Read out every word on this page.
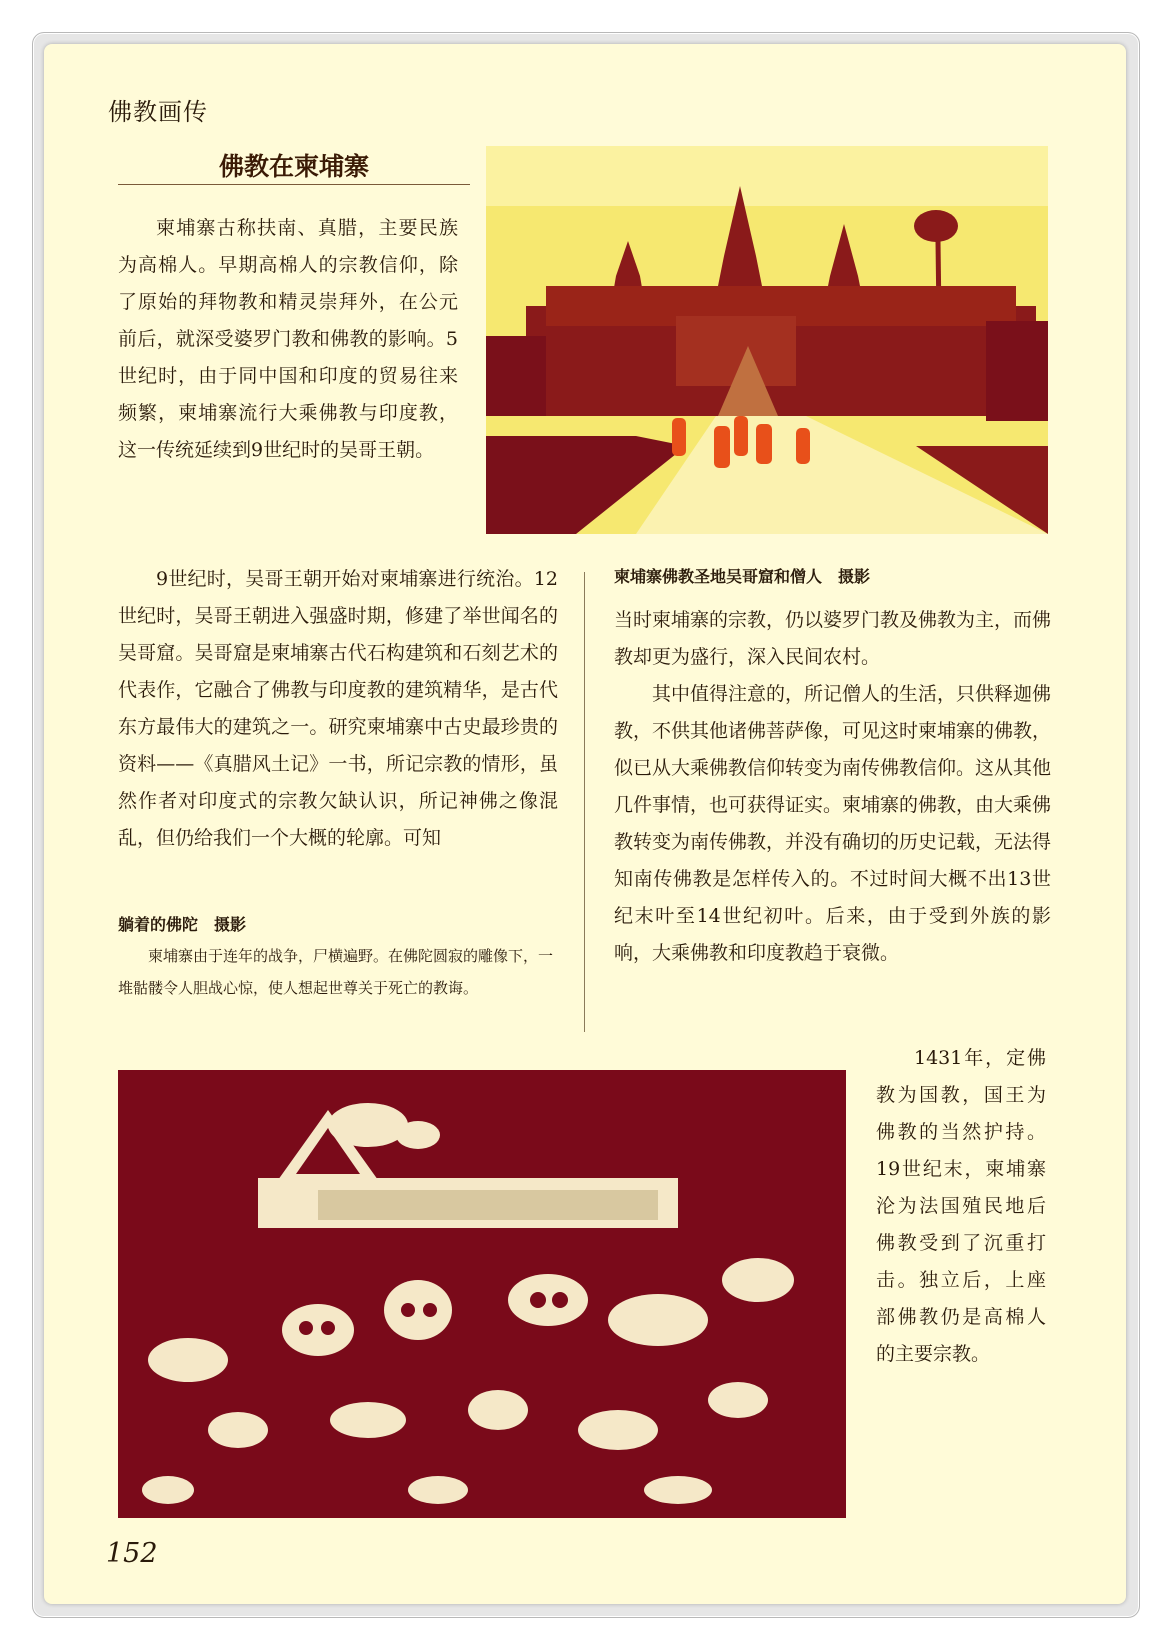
佛教画传
佛教在柬埔寨

柬埔寨古称扶南、真腊，主要民族为高棉人。早期高棉人的宗教信仰，除了原始的拜物教和精灵崇拜外，在公元前后，就深受婆罗门教和佛教的影响。5世纪时，由于同中国和印度的贸易往来频繁，柬埔寨流行大乘佛教与印度教，这一传统延续到9世纪时的吴哥王朝。

柬埔寨佛教圣地吴哥窟和僧人　摄影

9世纪时，吴哥王朝开始对柬埔寨进行统治。12世纪时，吴哥王朝进入强盛时期，修建了举世闻名的吴哥窟。吴哥窟是柬埔寨古代石构建筑和石刻艺术的代表作，它融合了佛教与印度教的建筑精华，是古代东方最伟大的建筑之一。研究柬埔寨中古史最珍贵的资料——《真腊风土记》一书，所记宗教的情形，虽然作者对印度式的宗教欠缺认识，所记神佛之像混乱，但仍给我们一个大概的轮廓。可知

当时柬埔寨的宗教，仍以婆罗门教及佛教为主，而佛教却更为盛行，深入民间农村。

其中值得注意的，所记僧人的生活，只供释迦佛教，不供其他诸佛菩萨像，可见这时柬埔寨的佛教，似已从大乘佛教信仰转变为南传佛教信仰。这从其他几件事情，也可获得证实。柬埔寨的佛教，由大乘佛教转变为南传佛教，并没有确切的历史记载，无法得知南传佛教是怎样传入的。不过时间大概不出13世纪末叶至14世纪初叶。后来，由于受到外族的影响，大乘佛教和印度教趋于衰微。

躺着的佛陀　摄影
柬埔寨由于连年的战争，尸横遍野。在佛陀圆寂的雕像下，一堆骷髅令人胆战心惊，使人想起世尊关于死亡的教诲。

1431年，定佛教为国教，国王为佛教的当然护持。19世纪末，柬埔寨沦为法国殖民地后佛教受到了沉重打击。独立后，上座部佛教仍是高棉人的主要宗教。

152
